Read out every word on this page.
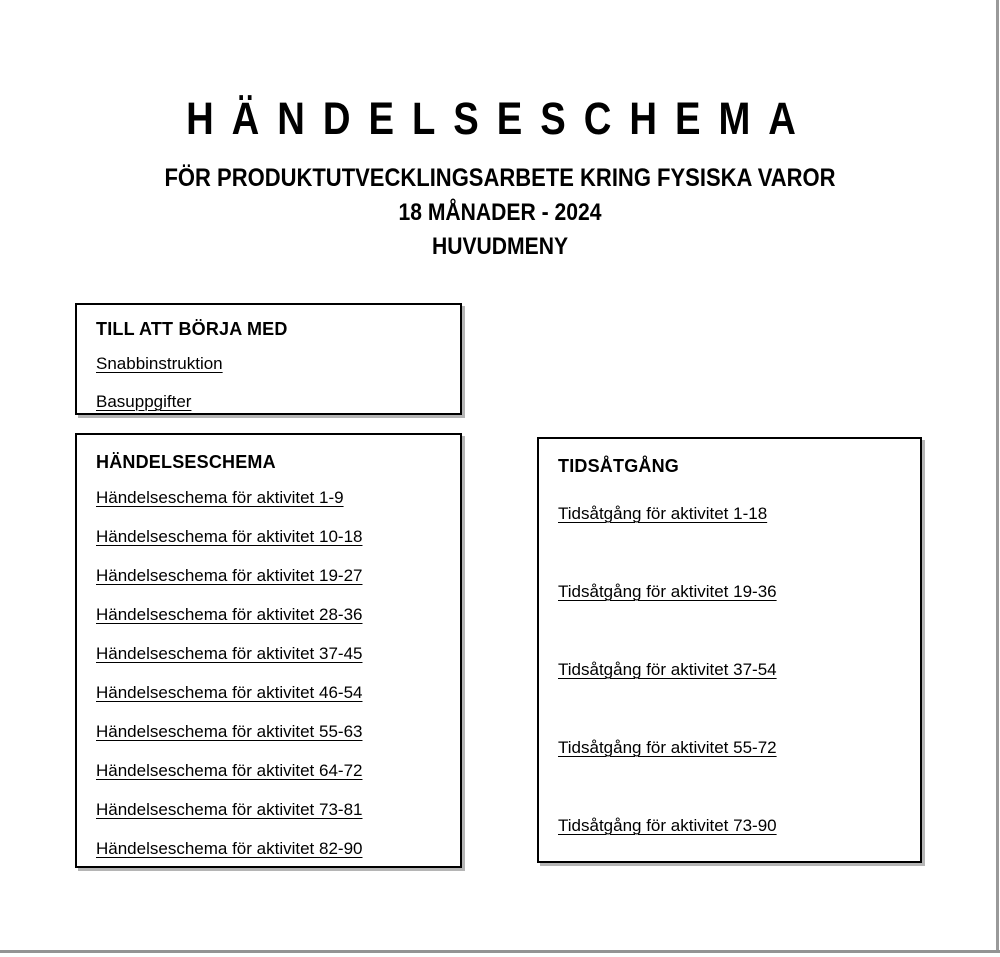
HÄNDELSESCHEMA

FÖR PRODUKTUTVECKLINGSARBETE KRING FYSISKA VAROR

18 MÅNADER - 2024

HUVUDMENY

TILL ATT BÖRJA MED
Snabbinstruktion
Basuppgifter
HÄNDELSESCHEMA
Händelseschema för aktivitet 1-9
Händelseschema för aktivitet 10-18
Händelseschema för aktivitet 19-27
Händelseschema för aktivitet 28-36
Händelseschema för aktivitet 37-45
Händelseschema för aktivitet 46-54
Händelseschema för aktivitet 55-63
Händelseschema för aktivitet 64-72
Händelseschema för aktivitet 73-81
Händelseschema för aktivitet 82-90
TIDSÅTGÅNG
Tidsåtgång för aktivitet 1-18
Tidsåtgång för aktivitet 19-36
Tidsåtgång för aktivitet 37-54
Tidsåtgång för aktivitet 55-72
Tidsåtgång för aktivitet 73-90
